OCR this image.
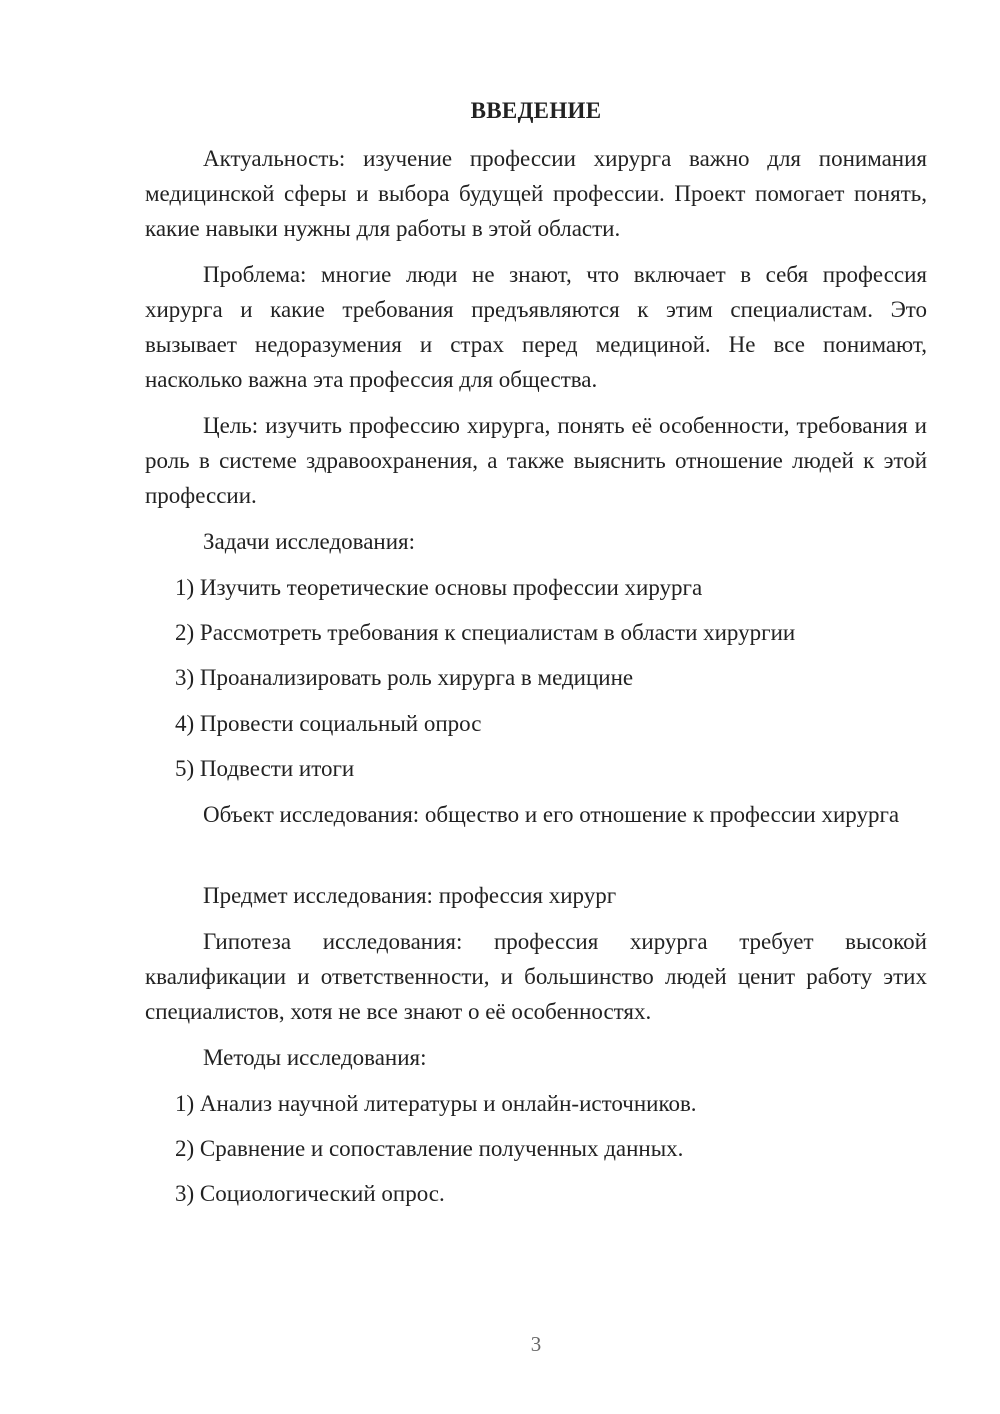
ВВЕДЕНИЕ

Актуальность: изучение профессии хирурга важно для понимания медицинской сферы и выбора будущей профессии. Проект помогает понять, какие навыки нужны для работы в этой области.

Проблема: многие люди не знают, что включает в себя профессия хирурга и какие требования предъявляются к этим специалистам. Это вызывает недоразумения и страх перед медициной. Не все понимают, насколько важна эта профессия для общества.

Цель: изучить профессию хирурга, понять её особенности, требования и роль в системе здравоохранения, а также выяснить отношение людей к этой профессии.

Задачи исследования:

1) Изучить теоретические основы профессии хирурга
2) Рассмотреть требования к специалистам в области хирургии
3) Проанализировать роль хирурга в медицине
4) Провести социальный опрос
5) Подвести итоги

Объект исследования: общество и его отношение к профессии хирурга

Предмет исследования: профессия хирург

Гипотеза исследования: профессия хирурга требует высокой квалификации и ответственности, и большинство людей ценит работу этих специалистов, хотя не все знают о её особенностях.

Методы исследования:

1) Анализ научной литературы и онлайн-источников.
2) Сравнение и сопоставление полученных данных.
3) Социологический опрос.
3
